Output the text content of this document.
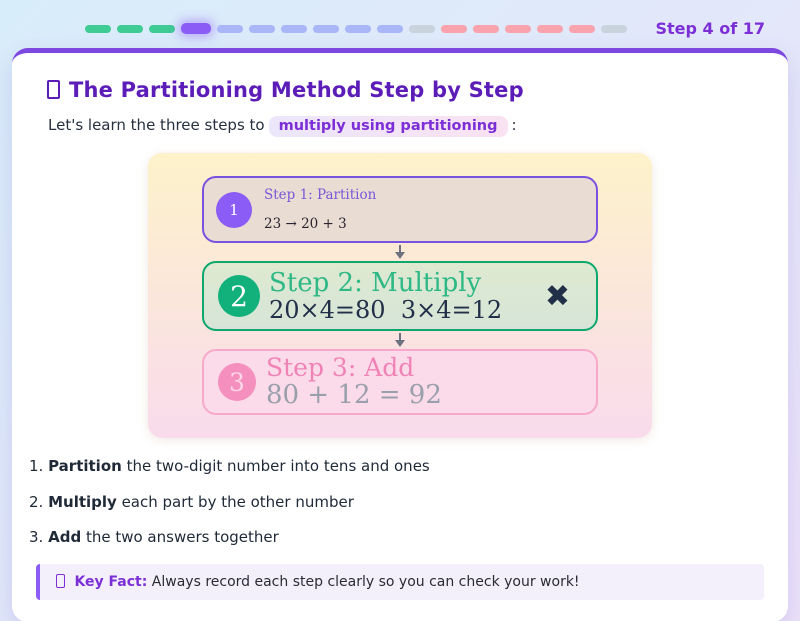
Step 4 of 17
The Partitioning Method Step by Step

Let's learn the three steps to multiply using partitioning :

1
Step 1: Partition
23 → 20 + 3
2 Step 2: Multiply
20×4=80  3×4=12 ✖
3 Step 3: Add
80 + 12 = 92
1. Partition the two-digit number into tens and ones
2. Multiply each part by the other number
3. Add the two answers together
Key Fact: Always record each step clearly so you can check your work!
